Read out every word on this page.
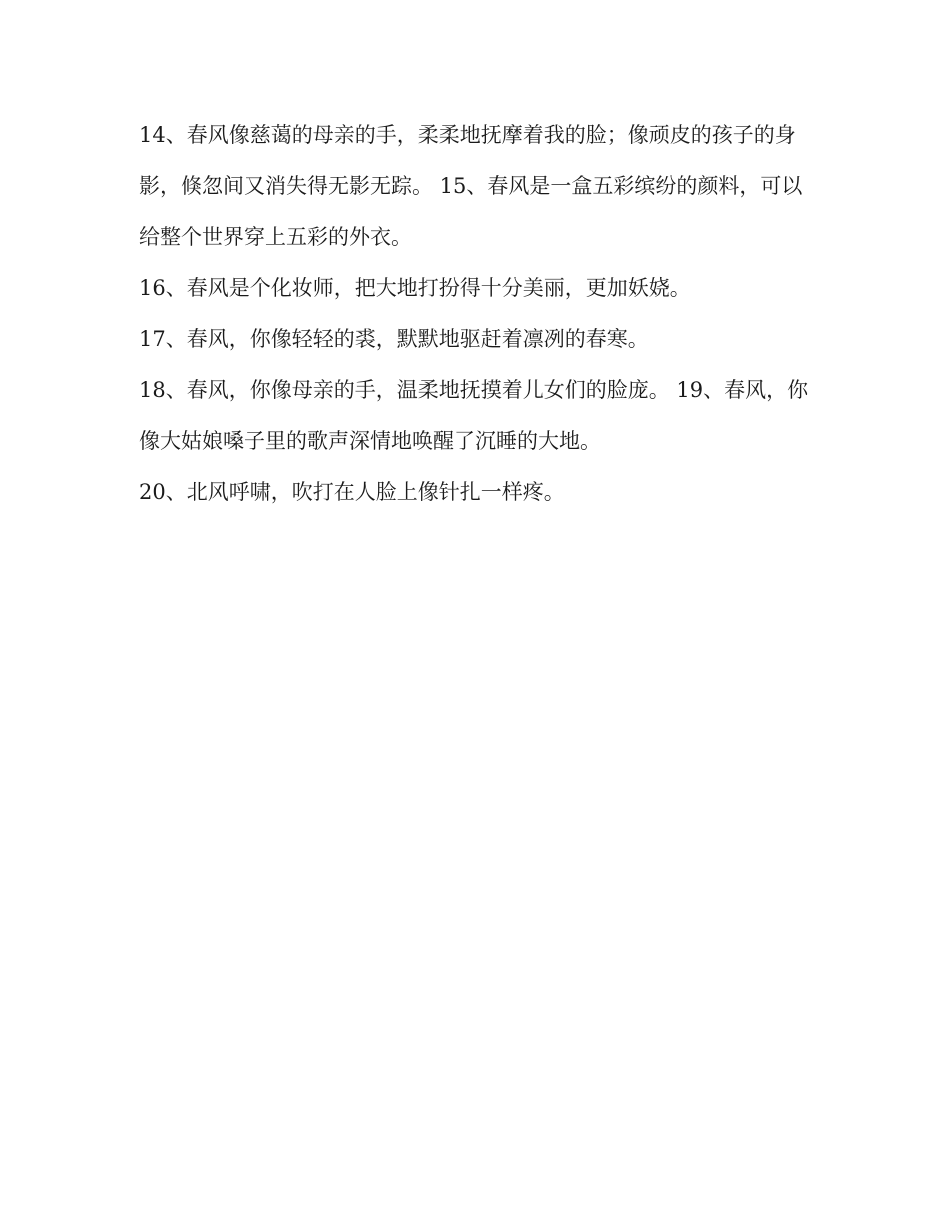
14、春风像慈蔼的母亲的手，柔柔地抚摩着我的脸；像顽皮的孩子的身影，倏忽间又消失得无影无踪。 15、春风是一盒五彩缤纷的颜料，可以给整个世界穿上五彩的外衣。

16、春风是个化妆师，把大地打扮得十分美丽，更加妖娆。

17、春风，你像轻轻的裘，默默地驱赶着凛冽的春寒。

18、春风，你像母亲的手，温柔地抚摸着儿女们的脸庞。 19、春风，你像大姑娘嗓子里的歌声深情地唤醒了沉睡的大地。

20、北风呼啸，吹打在人脸上像针扎一样疼。
